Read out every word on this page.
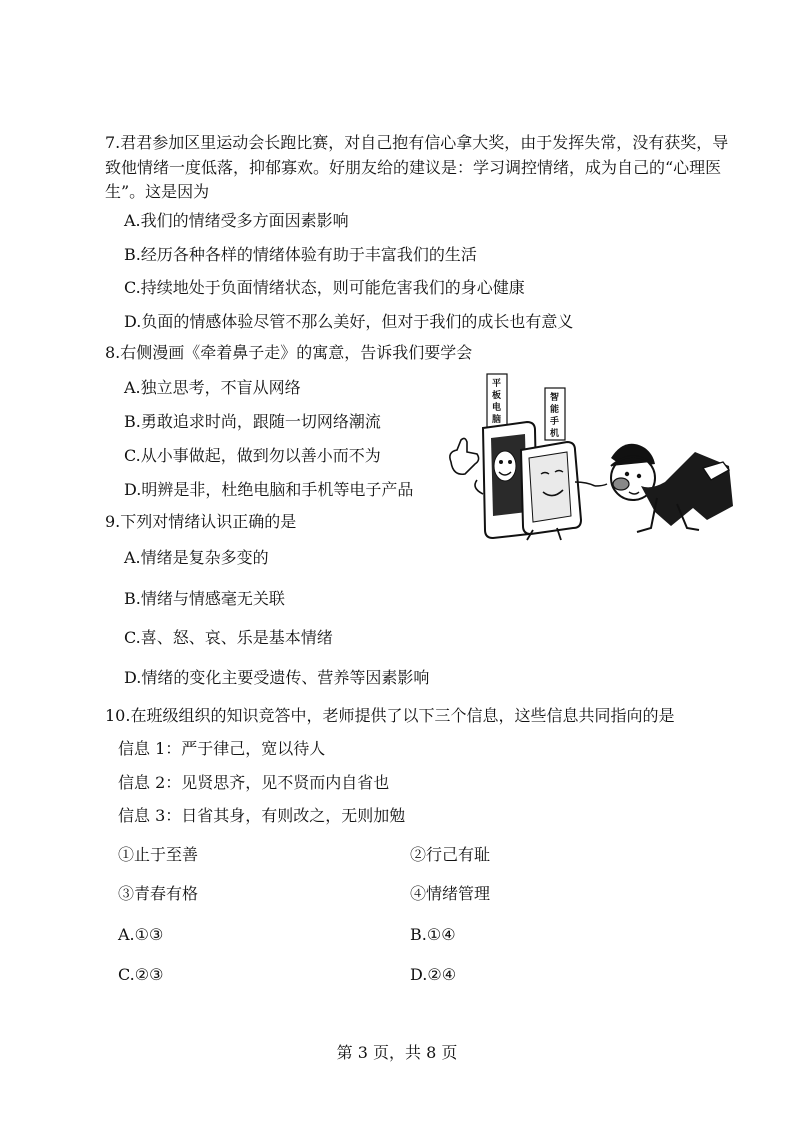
7.君君参加区里运动会长跑比赛，对自己抱有信心拿大奖，由于发挥失常，没有获奖，导
致他情绪一度低落，抑郁寡欢。好朋友给的建议是：学习调控情绪，成为自己的“心理医
生”。这是因为
A.我们的情绪受多方面因素影响
B.经历各种各样的情绪体验有助于丰富我们的生活
C.持续地处于负面情绪状态，则可能危害我们的身心健康
D.负面的情感体验尽管不那么美好，但对于我们的成长也有意义
8.右侧漫画《牵着鼻子走》的寓意，告诉我们要学会
A.独立思考，不盲从网络
B.勇敢追求时尚，跟随一切网络潮流
C.从小事做起，做到勿以善小而不为
D.明辨是非，杜绝电脑和手机等电子产品
平
板
电
脑
智
能
手
机
9.下列对情绪认识正确的是
A.情绪是复杂多变的
B.情绪与情感毫无关联
C.喜、怒、哀、乐是基本情绪
D.情绪的变化主要受遗传、营养等因素影响
10.在班级组织的知识竞答中，老师提供了以下三个信息，这些信息共同指向的是
信息 1：严于律己，宽以待人
信息 2：见贤思齐，见不贤而内自省也
信息 3：日省其身，有则改之，无则加勉
①止于至善	②行己有耻
③青春有格	④情绪管理
A.①③	B.①④
C.②③	D.②④
第 3 页，共 8 页
